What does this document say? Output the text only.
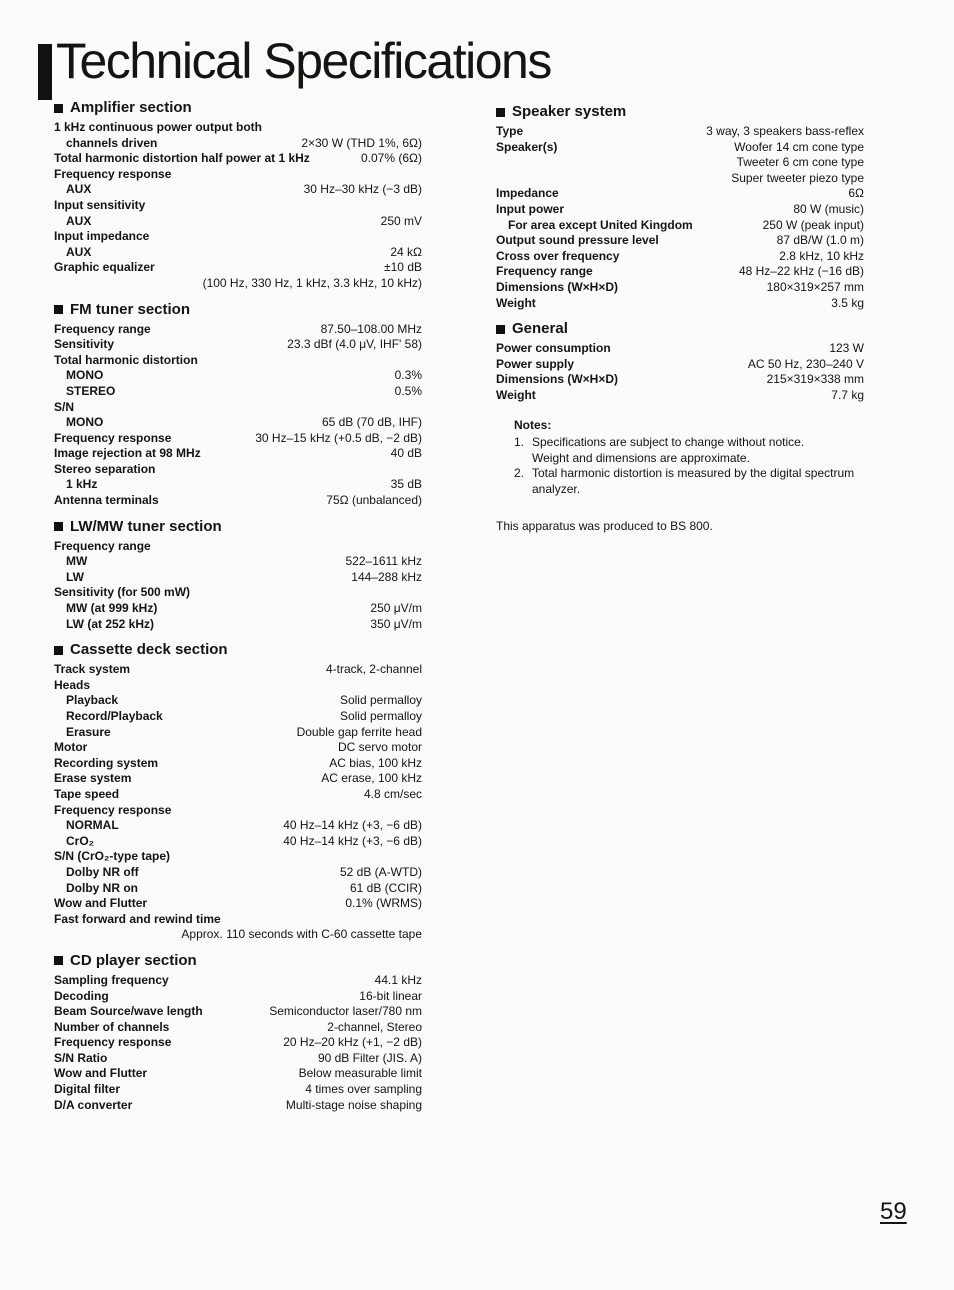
Technical Specifications
Amplifier section
1 kHz continuous power output both
channels driven	2×30 W (THD 1%, 6Ω)
Total harmonic distortion half power at 1 kHz	0.07% (6Ω)
Frequency response
AUX	30 Hz–30 kHz (−3 dB)
Input sensitivity
AUX	250 mV
Input impedance
AUX	24 kΩ
Graphic equalizer	±10 dB
(100 Hz, 330 Hz, 1 kHz, 3.3 kHz, 10 kHz)
FM tuner section
Frequency range	87.50–108.00 MHz
Sensitivity	23.3 dBf (4.0 μV, IHF' 58)
Total harmonic distortion
MONO	0.3%
STEREO	0.5%
S/N
MONO	65 dB (70 dB, IHF)
Frequency response	30 Hz–15 kHz (+0.5 dB, −2 dB)
Image rejection at 98 MHz	40 dB
Stereo separation
1 kHz	35 dB
Antenna terminals	75Ω (unbalanced)
LW/MW tuner section
Frequency range
MW	522–1611 kHz
LW	144–288 kHz
Sensitivity (for 500 mW)
MW (at 999 kHz)	250 μV/m
LW (at 252 kHz)	350 μV/m
Cassette deck section
Track system	4-track, 2-channel
Heads
Playback	Solid permalloy
Record/Playback	Solid permalloy
Erasure	Double gap ferrite head
Motor	DC servo motor
Recording system	AC bias, 100 kHz
Erase system	AC erase, 100 kHz
Tape speed	4.8 cm/sec
Frequency response
NORMAL	40 Hz–14 kHz (+3, −6 dB)
CrO₂	40 Hz–14 kHz (+3, −6 dB)
S/N (CrO₂-type tape)
Dolby NR off	52 dB (A-WTD)
Dolby NR on	61 dB (CCIR)
Wow and Flutter	0.1% (WRMS)
Fast forward and rewind time
Approx. 110 seconds with C-60 cassette tape
CD player section
Sampling frequency	44.1 kHz
Decoding	16-bit linear
Beam Source/wave length	Semiconductor laser/780 nm
Number of channels	2-channel, Stereo
Frequency response	20 Hz–20 kHz (+1, −2 dB)
S/N Ratio	90 dB Filter (JIS. A)
Wow and Flutter	Below measurable limit
Digital filter	4 times over sampling
D/A converter	Multi-stage noise shaping
Speaker system
Type	3 way, 3 speakers bass-reflex
Speaker(s)	Woofer 14 cm cone type
Tweeter 6 cm cone type
Super tweeter piezo type
Impedance	6Ω
Input power	80 W (music)
For area except United Kingdom	250 W (peak input)
Output sound pressure level	87 dB/W (1.0 m)
Cross over frequency	2.8 kHz, 10 kHz
Frequency range	48 Hz–22 kHz (−16 dB)
Dimensions (W×H×D)	180×319×257 mm
Weight	3.5 kg
General
Power consumption	123 W
Power supply	AC 50 Hz, 230–240 V
Dimensions (W×H×D)	215×319×338 mm
Weight	7.7 kg
Notes:
1. Specifications are subject to change without notice.
Weight and dimensions are approximate.
2. Total harmonic distortion is measured by the digital spectrum
analyzer.
This apparatus was produced to BS 800.
59
